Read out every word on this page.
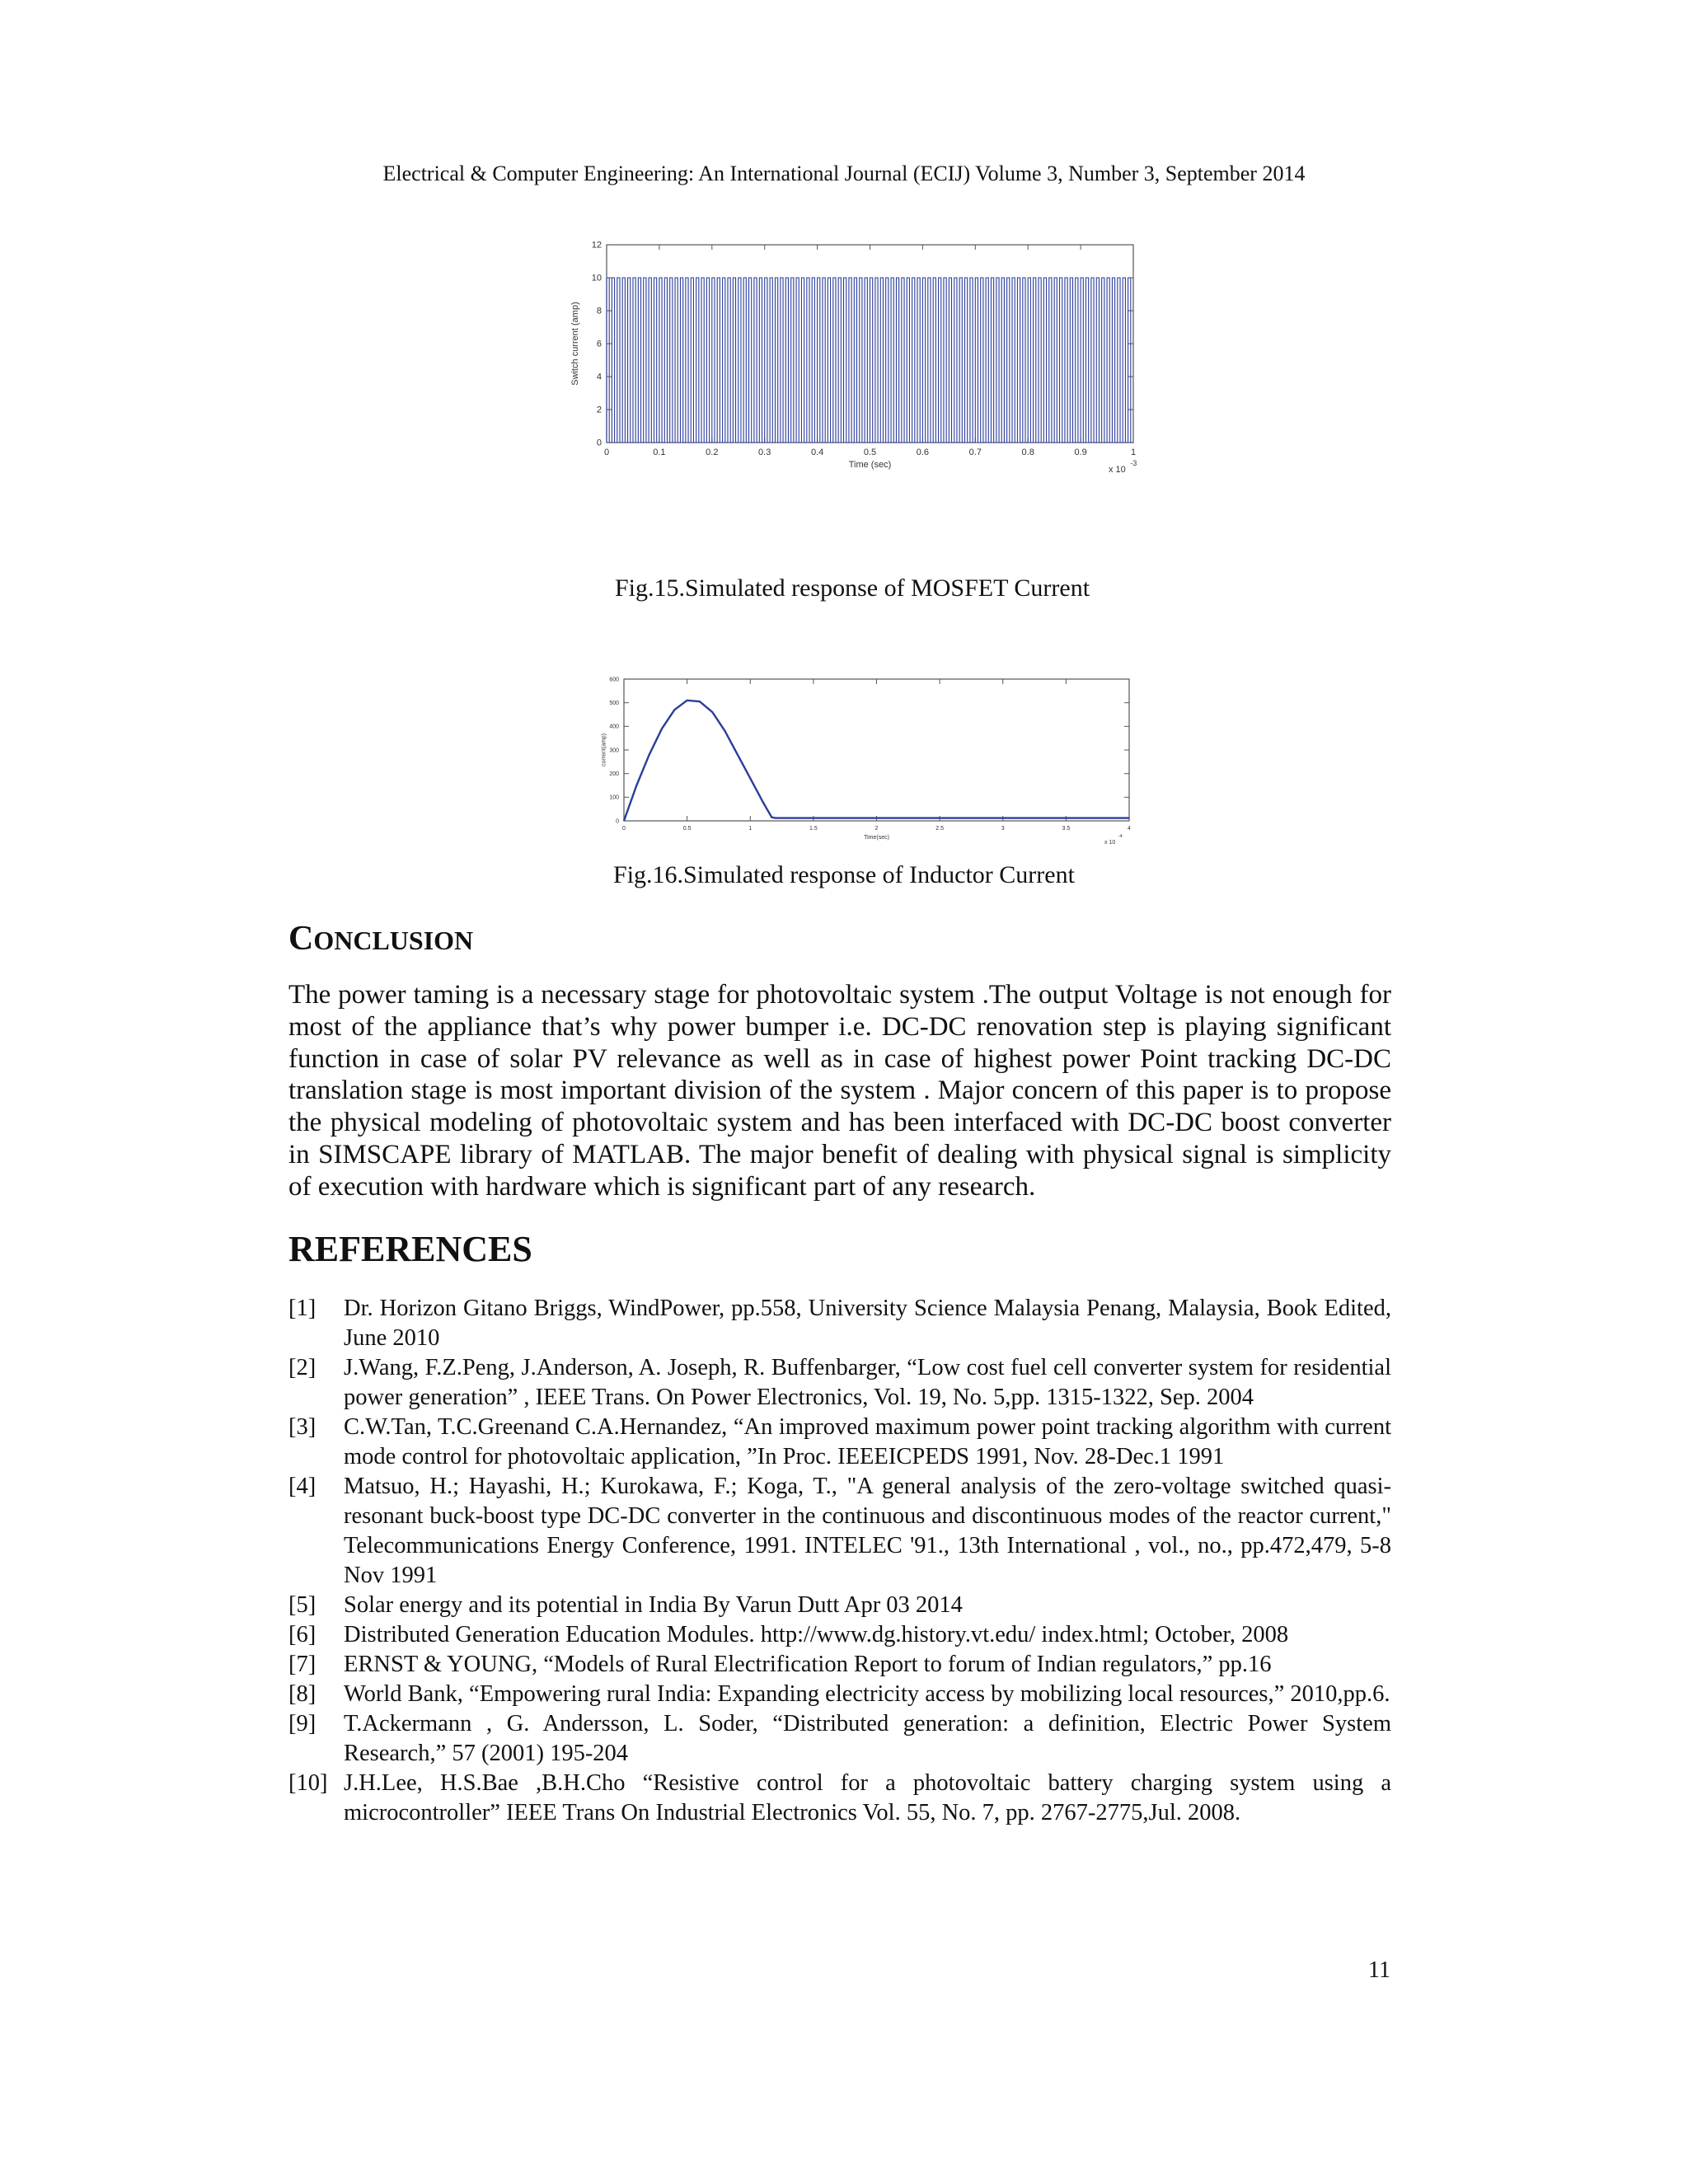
Electrical & Computer Engineering: An International Journal (ECIJ) Volume 3, Number 3, September 2014
0	0.1	0.2	0.3	0.4	0.5	0.6	0.7	0.8	0.9	1
0
2
4
6
8
10
12
Time (sec)
Switch current (amp)
x 10
-3
Fig.15.Simulated response of MOSFET Current
0	0.5	1	1.5	2	2.5	3	3.5	4
0
100
200
300
400
500
600
Time(sec)
current(amp)
x 10
-4
Fig.16.Simulated response of Inductor Current
CONCLUSION
The power taming is a necessary stage for photovoltaic system .The output Voltage is not enough for most of the appliance that’s why power bumper i.e. DC-DC renovation step is playing significant function in case of solar PV relevance as well as in case of highest power Point tracking DC-DC translation stage is most important division of the system . Major concern of this paper is to propose the physical modeling of photovoltaic system and has been interfaced with DC-DC boost converter in SIMSCAPE library of MATLAB. The major benefit of dealing with physical signal is simplicity of execution with hardware which is significant part of any research.
REFERENCES
[1] Dr. Horizon Gitano Briggs, WindPower, pp.558, University Science Malaysia Penang, Malaysia, Book Edited, June 2010
[2] J.Wang, F.Z.Peng, J.Anderson, A. Joseph, R. Buffenbarger, “Low cost fuel cell converter system for residential power generation” , IEEE Trans. On Power Electronics, Vol. 19, No. 5,pp. 1315-1322, Sep. 2004
[3] C.W.Tan, T.C.Greenand C.A.Hernandez, “An improved maximum power point tracking algorithm with current mode control for photovoltaic application, ”In Proc. IEEEICPEDS 1991, Nov. 28-Dec.1 1991
[4] Matsuo, H.; Hayashi, H.; Kurokawa, F.; Koga, T., "A general analysis of the zero-voltage switched quasi-resonant buck-boost type DC-DC converter in the continuous and discontinuous modes of the reactor current," Telecommunications Energy Conference, 1991. INTELEC '91., 13th International , vol., no., pp.472,479, 5-8 Nov 1991
[5] Solar energy and its potential in India By Varun Dutt Apr 03 2014
[6] Distributed Generation Education Modules. http://www.dg.history.vt.edu/ index.html; October, 2008
[7] ERNST & YOUNG, “Models of Rural Electrification Report to forum of Indian regulators,” pp.16
[8] World Bank, “Empowering rural India: Expanding electricity access by mobilizing local resources,” 2010,pp.6.
[9] T.Ackermann , G. Andersson, L. Soder, “Distributed generation: a definition, Electric Power System Research,” 57 (2001) 195-204
[10] J.H.Lee, H.S.Bae ,B.H.Cho “Resistive control for a photovoltaic battery charging system using a microcontroller” IEEE Trans On Industrial Electronics Vol. 55, No. 7, pp. 2767-2775,Jul. 2008.
11
